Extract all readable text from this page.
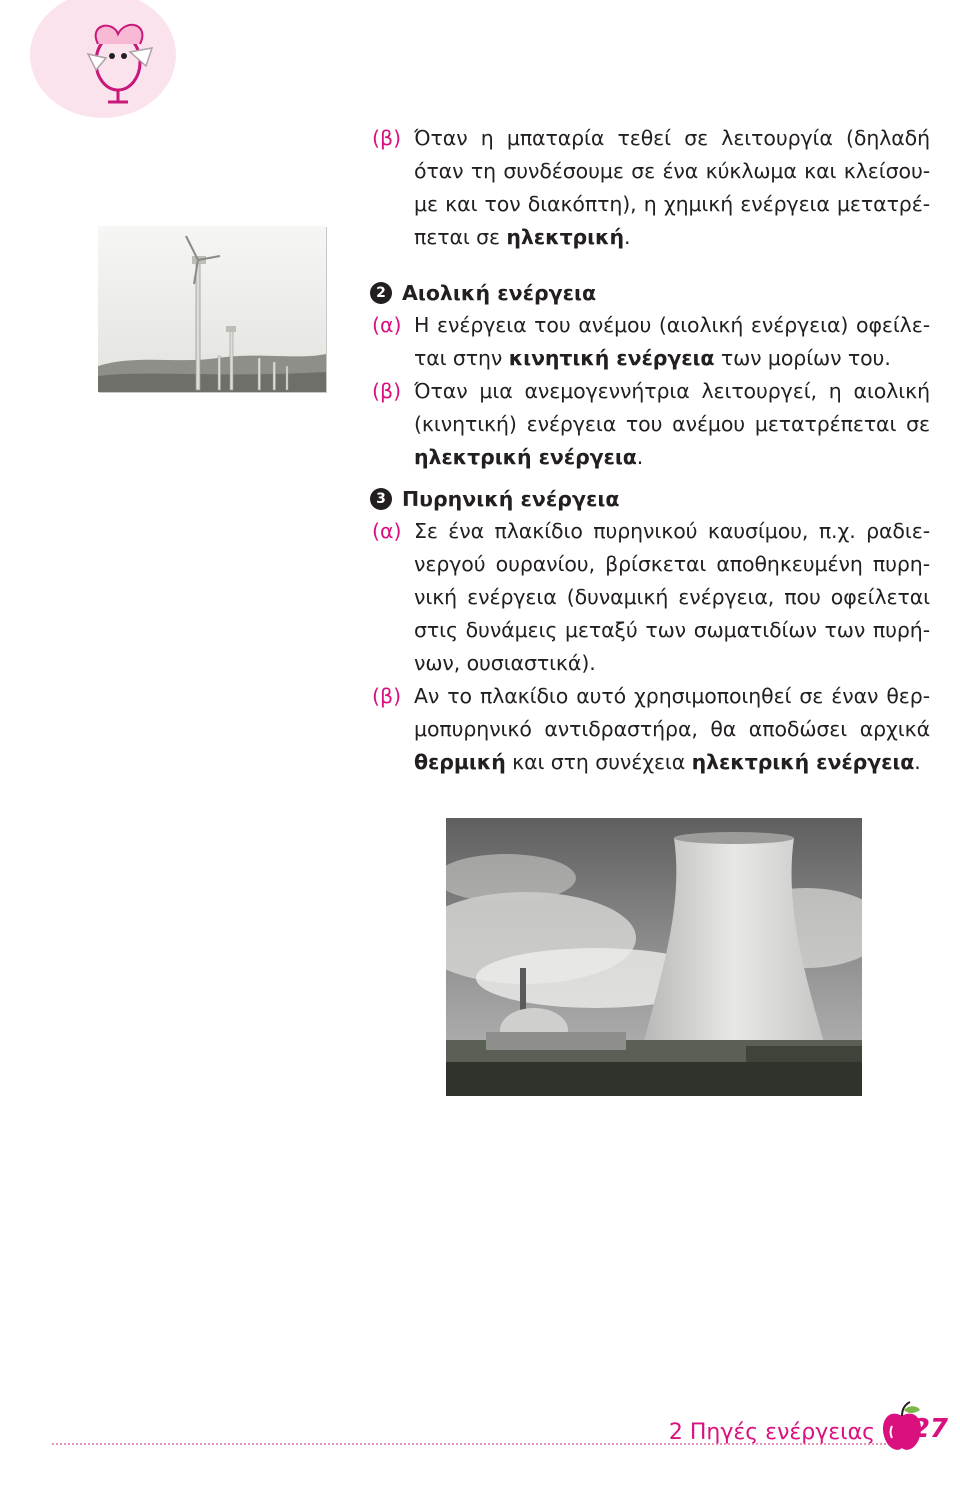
(β) Όταν η μπαταρία τεθεί σε λειτουργία (δηλαδή
όταν τη συνδέσουμε σε ένα κύκλωμα και κλείσου-
με και τον διακόπτη), η χημική ενέργεια μετατρέ-
πεται σε ηλεκτρική.
2 Αιολική ενέργεια
(α) Η ενέργεια του ανέμου (αιολική ενέργεια) οφείλε-
ται στην κινητική ενέργεια των μορίων του.
(β) Όταν μια ανεμογεννήτρια λειτουργεί, η αιολική
(κινητική) ενέργεια του ανέμου μετατρέπεται σε
ηλεκτρική ενέργεια.
3 Πυρηνική ενέργεια
(α) Σε ένα πλακίδιο πυρηνικού καυσίμου, π.χ. ραδιε-
νεργού ουρανίου, βρίσκεται αποθηκευμένη πυρη-
νική ενέργεια (δυναμική ενέργεια, που οφείλεται
στις δυνάμεις μεταξύ των σωματιδίων των πυρή-
νων, ουσιαστικά).
(β) Αν το πλακίδιο αυτό χρησιμοποιηθεί σε έναν θερ-
μοπυρηνικό αντιδραστήρα, θα αποδώσει αρχικά
θερμική και στη συνέχεια ηλεκτρική ενέργεια.
2 Πηγές ενέργειας 27
